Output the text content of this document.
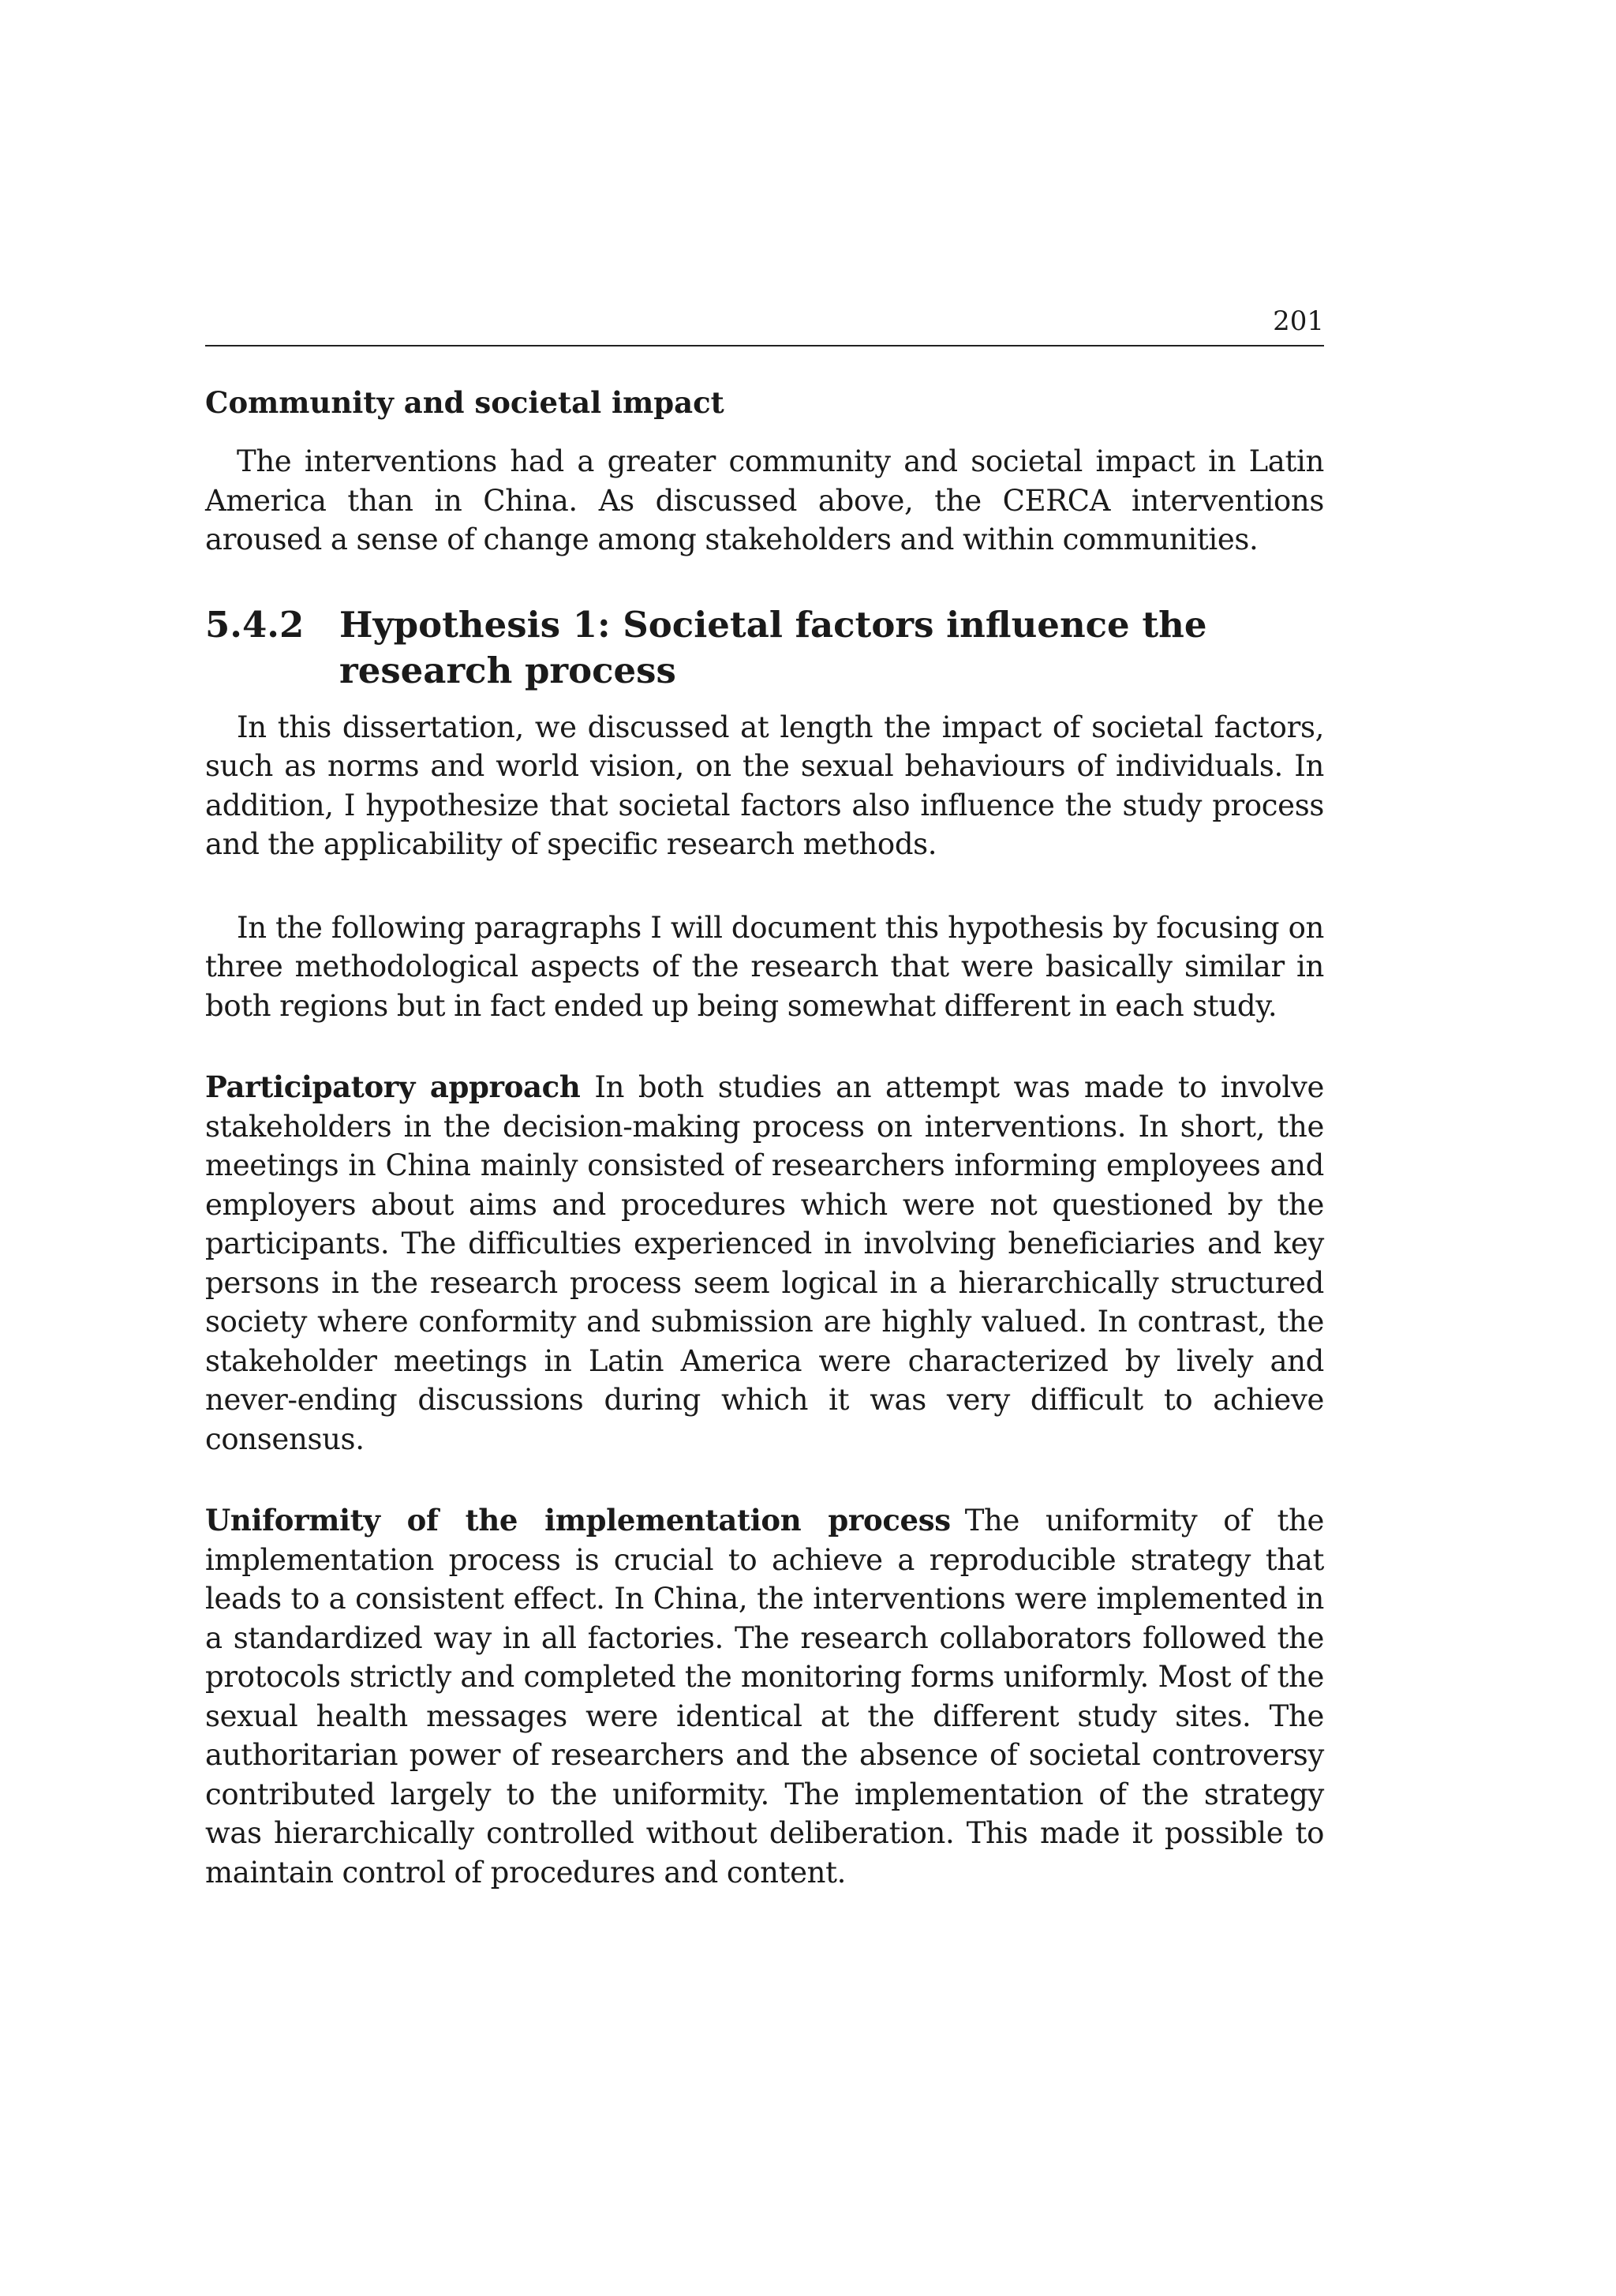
201
Community and societal impact

The interventions had a greater community and societal impact in Latin America than in China. As discussed above, the CERCA interventions aroused a sense of change among stakeholders and within communities.

5.4.2 Hypothesis 1: Societal factors influence the research process

In this dissertation, we discussed at length the impact of societal factors, such as norms and world vision, on the sexual behaviours of individuals. In addition, I hypothesize that societal factors also influence the study process and the applicability of specific research methods.

In the following paragraphs I will document this hypothesis by focusing on three methodological aspects of the research that were basically similar in both regions but in fact ended up being somewhat different in each study.

Participatory approach In both studies an attempt was made to involve stakeholders in the decision-making process on interventions. In short, the meetings in China mainly consisted of researchers informing employees and employers about aims and procedures which were not questioned by the participants. The difficulties experienced in involving beneficiaries and key persons in the research process seem logical in a hierarchically structured society where conformity and submission are highly valued. In contrast, the stakeholder meetings in Latin America were characterized by lively and never-ending discussions during which it was very difficult to achieve consensus.

Uniformity of the implementation process The uniformity of the implementation process is crucial to achieve a reproducible strategy that leads to a consistent effect. In China, the interventions were implemented in a standardized way in all factories. The research collaborators followed the protocols strictly and completed the monitoring forms uniformly. Most of the sexual health messages were identical at the different study sites. The authoritarian power of researchers and the absence of societal controversy contributed largely to the uniformity. The implementation of the strategy was hierarchically controlled without deliberation. This made it possible to maintain control of procedures and content.
